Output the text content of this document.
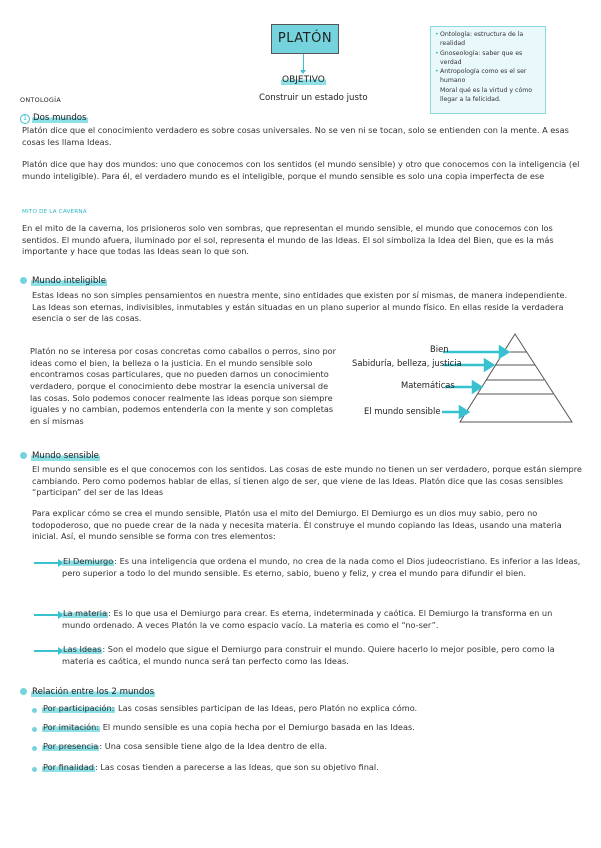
PLATÓN
OBJETIVO
Construir un estado justo
• Ontología: estructura de la realidad
• Gnoseología: saber que es verdad
• Antropología como es el ser humano
Moral qué es la virtud y cómo llegar a la felicidad.
ONTOLOGÍA
1 Dos mundos

Platón dice que el conocimiento verdadero es sobre cosas universales. No se ven ni se tocan, solo se entienden con la mente. A esas cosas les llama Ideas.

Platón dice que hay dos mundos: uno que conocemos con los sentidos (el mundo sensible) y otro que conocemos con la inteligencia (el mundo inteligible). Para él, el verdadero mundo es el inteligible, porque el mundo sensible es solo una copia imperfecta de ese

MITO DE LA CAVERNA

En el mito de la caverna, los prisioneros solo ven sombras, que representan el mundo sensible, el mundo que conocemos con los sentidos. El mundo afuera, iluminado por el sol, representa el mundo de las Ideas. El sol simboliza la Idea del Bien, que es la más importante y hace que todas las Ideas sean lo que son.

Mundo inteligible

Estas Ideas no son simples pensamientos en nuestra mente, sino entidades que existen por sí mismas, de manera independiente. Las Ideas son eternas, indivisibles, inmutables y están situadas en un plano superior al mundo físico. En ellas reside la verdadera esencia o ser de las cosas.

Platón no se interesa por cosas concretas como caballos o perros, sino por ideas como el bien, la belleza o la justicia. En el mundo sensible solo encontramos cosas particulares, que no pueden darnos un conocimiento verdadero, porque el conocimiento debe mostrar la esencia universal de las cosas. Solo podemos conocer realmente las ideas porque son siempre iguales y no cambian, podemos entenderla con la mente y son completas en sí mismas

Bien
Sabiduría, belleza, justicia
Matemáticas
El mundo sensible
Mundo sensible

El mundo sensible es el que conocemos con los sentidos. Las cosas de este mundo no tienen un ser verdadero, porque están siempre cambiando. Pero como podemos hablar de ellas, sí tienen algo de ser, que viene de las Ideas. Platón dice que las cosas sensibles “participan” del ser de las Ideas

Para explicar cómo se crea el mundo sensible, Platón usa el mito del Demiurgo. El Demiurgo es un dios muy sabio, pero no todopoderoso, que no puede crear de la nada y necesita materia. Él construye el mundo copiando las Ideas, usando una materia inicial. Así, el mundo sensible se forma con tres elementos:

El Demiurgo: Es una inteligencia que ordena el mundo, no crea de la nada como el Dios judeocristiano. Es inferior a las Ideas, pero superior a todo lo del mundo sensible. Es eterno, sabio, bueno y feliz, y crea el mundo para difundir el bien.

La materia: Es lo que usa el Demiurgo para crear. Es eterna, indeterminada y caótica. El Demiurgo la transforma en un mundo ordenado. A veces Platón la ve como espacio vacío. La materia es como el “no-ser”.

Las Ideas: Son el modelo que sigue el Demiurgo para construir el mundo. Quiere hacerlo lo mejor posible, pero como la materia es caótica, el mundo nunca será tan perfecto como las Ideas.

Relación entre los 2 mundos

Por participación: Las cosas sensibles participan de las Ideas, pero Platón no explica cómo.

Por imitación: El mundo sensible es una copia hecha por el Demiurgo basada en las Ideas.

Por presencia: Una cosa sensible tiene algo de la Idea dentro de ella.

Por finalidad: Las cosas tienden a parecerse a las Ideas, que son su objetivo final.
